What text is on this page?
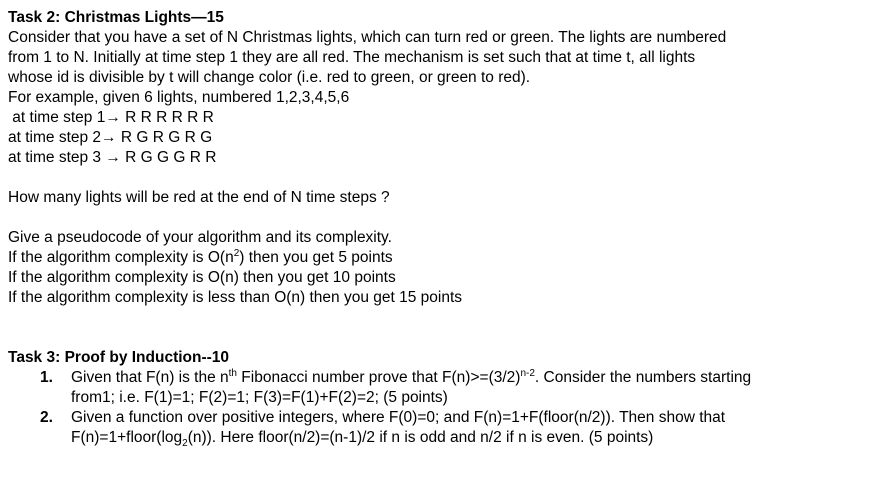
Task 2: Christmas Lights—15

Consider that you have a set of N Christmas lights, which can turn red or green. The lights are numbered
from 1 to N. Initially at time step 1 they are all red. The mechanism is set such that at time t, all lights
whose id is divisible by t will change color (i.e. red to green, or green to red).
For example, given 6 lights, numbered 1,2,3,4,5,6

at time step 1→ R R R R R R
at time step 2→ R G R G R G
at time step 3 → R G G G R R

How many lights will be red at the end of N time steps ?

Give a pseudocode of your algorithm and its complexity.
If the algorithm complexity is $O(n^2)$ then you get 5 points
If the algorithm complexity is O(n) then you get 10 points
If the algorithm complexity is less than O(n) then you get 15 points

Task 3: Proof by Induction--10

1. Given that F(n) is the $n^{th}$ Fibonacci number prove that $F(n)>=(3/2)^{n-2}$. Consider the numbers starting
from1; i.e. F(1)=1; F(2)=1; F(3)=F(1)+F(2)=2; (5 points)
2. Given a function over positive integers, where F(0)=0; and F(n)=1+F(floor(n/2)). Then show that
$F(n)=1+floor(\log_2(n))$. Here floor(n/2)=(n-1)/2 if n is odd and n/2 if n is even. (5 points)
